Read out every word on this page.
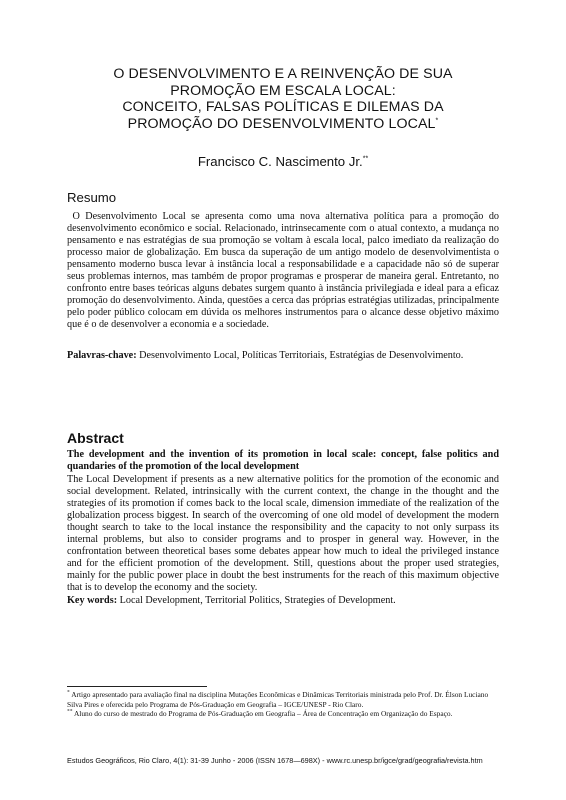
O DESENVOLVIMENTO E A REINVENÇÃO DE SUA
PROMOÇÃO EM ESCALA LOCAL:
CONCEITO, FALSAS POLÍTICAS E DILEMAS DA
PROMOÇÃO DO DESENVOLVIMENTO LOCAL*
Francisco C. Nascimento Jr.**
Resumo
O Desenvolvimento Local se apresenta como uma nova alternativa política para a promoção do desenvolvimento econômico e social. Relacionado, intrinsecamente com o atual contexto, a mudança no pensamento e nas estratégias de sua promoção se voltam à escala local, palco imediato da realização do processo maior de globalização. Em busca da superação de um antigo modelo de desenvolvimentista o pensamento moderno busca levar à instância local a responsabilidade e a capacidade não só de superar seus problemas internos, mas também de propor programas e prosperar de maneira geral. Entretanto, no confronto entre bases teóricas alguns debates surgem quanto à instância privilegiada e ideal para a eficaz promoção do desenvolvimento. Ainda, questões a cerca das próprias estratégias utilizadas, principalmente pelo poder público colocam em dúvida os melhores instrumentos para o alcance desse objetivo máximo que é o de desenvolver a economia e a sociedade.
Palavras-chave: Desenvolvimento Local, Políticas Territoriais, Estratégias de Desenvolvimento.
Abstract
The development and the invention of its promotion in local scale: concept, false politics and quandaries of the promotion of the local development
The Local Development if presents as a new alternative politics for the promotion of the economic and social development. Related, intrinsically with the current context, the change in the thought and the strategies of its promotion if comes back to the local scale, dimension immediate of the realization of the globalization process biggest. In search of the overcoming of one old model of development the modern thought search to take to the local instance the responsibility and the capacity to not only surpass its internal problems, but also to consider programs and to prosper in general way. However, in the confrontation between theoretical bases some debates appear how much to ideal the privileged instance and for the efficient promotion of the development. Still, questions about the proper used strategies, mainly for the public power place in doubt the best instruments for the reach of this maximum objective that is to develop the economy and the society.
Key words: Local Development, Territorial Politics, Strategies of Development.

* Artigo apresentado para avaliação final na disciplina Mutações Econômicas e Dinâmicas Territoriais ministrada pelo Prof. Dr. Élson Luciano Silva Pires e oferecida pelo Programa de Pós-Graduação em Geografia – IGCE/UNESP - Rio Claro.

** Aluno do curso de mestrado do Programa de Pós-Graduação em Geografia – Área de Concentração em Organização do Espaço.

Estudos Geográficos, Rio Claro, 4(1): 31-39 Junho - 2006 (ISSN 1678—698X) - www.rc.unesp.br/igce/grad/geografia/revista.htm
